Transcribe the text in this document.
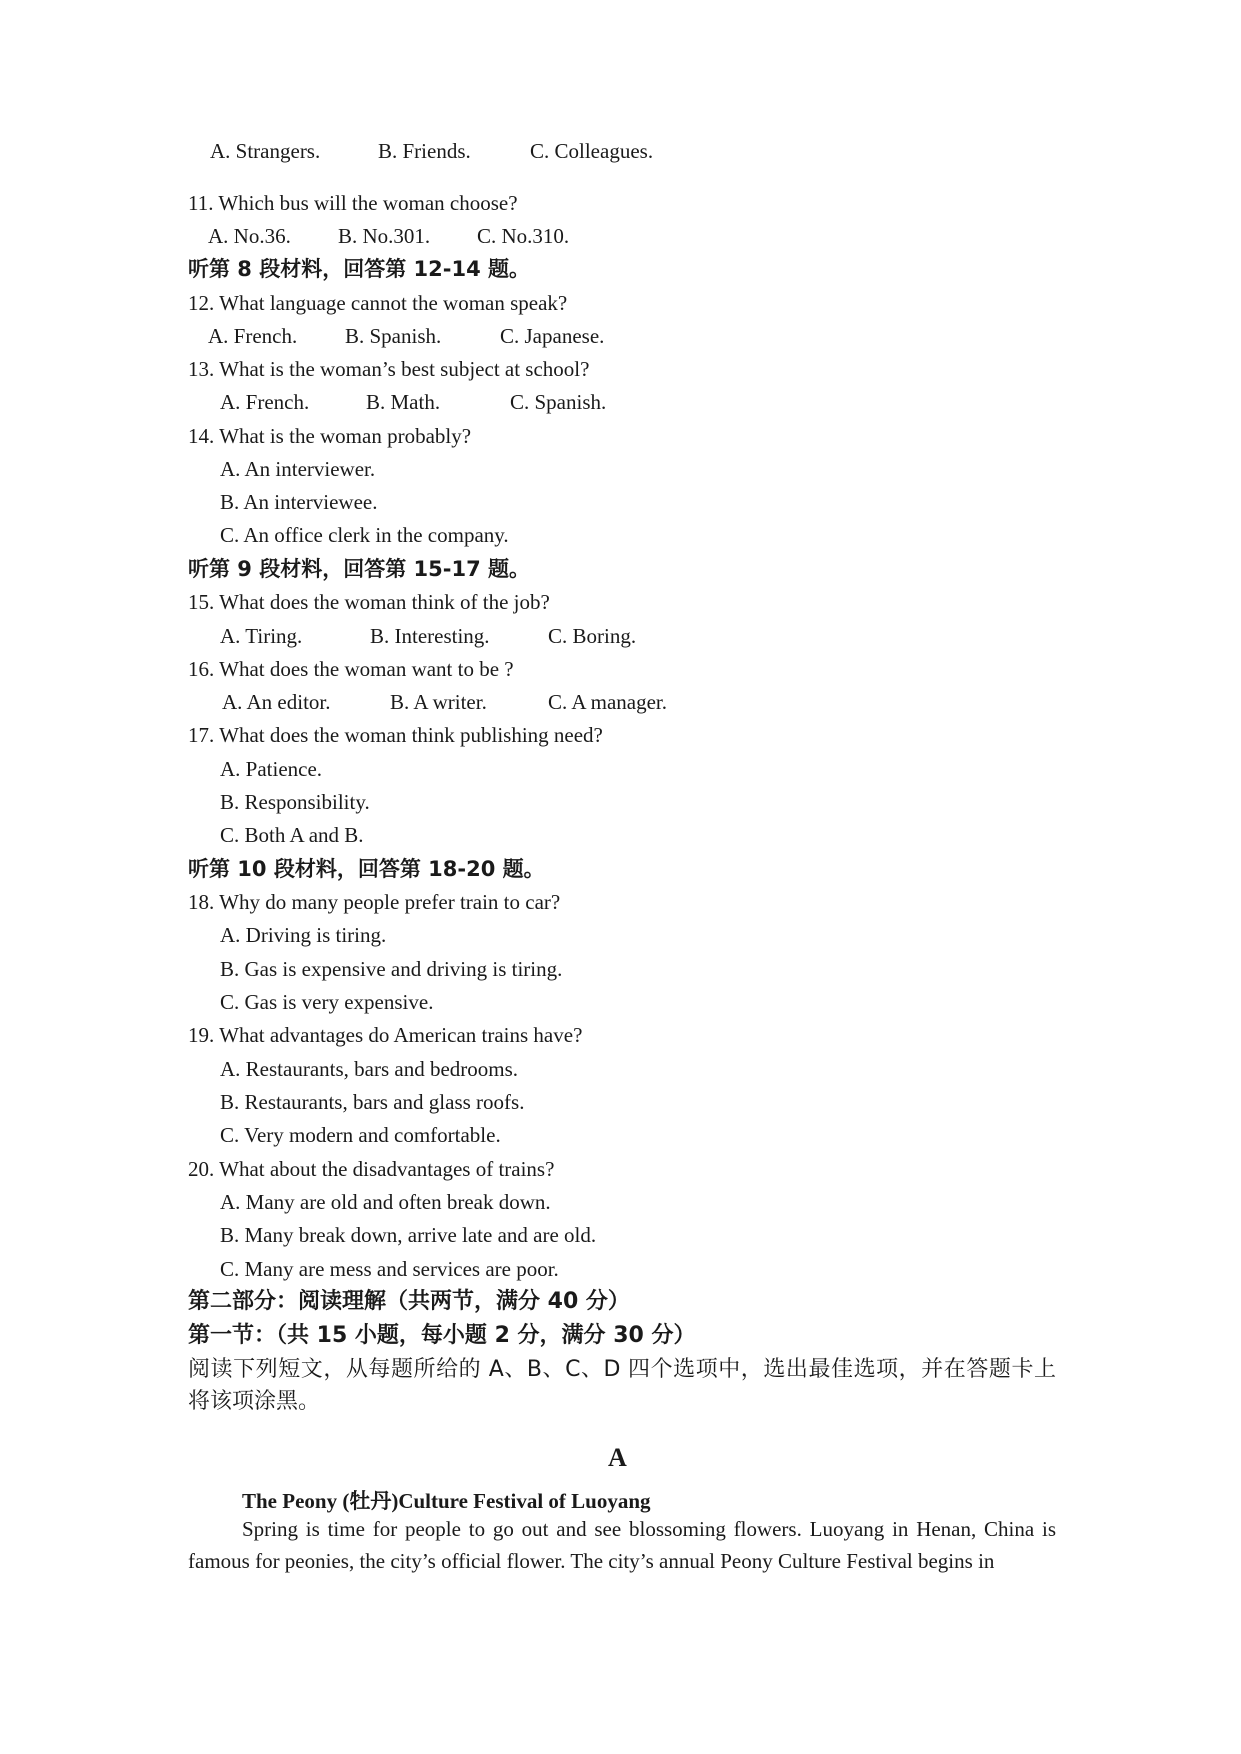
A. Strangers.	B. Friends.	C. Colleagues.
11. Which bus will the woman choose?
A. No.36. B. No.301. C. No.310.
听第 8 段材料，回答第 12-14 题。
12. What language cannot the woman speak?
A. French. B. Spanish.	C. Japanese.
13. What is the woman’s best subject at school?
A. French.	B. Math.	C. Spanish.
14. What is the woman probably?
A. An interviewer.
B. An interviewee.
C. An office clerk in the company.
听第 9 段材料，回答第 15-17 题。
15. What does the woman think of the job?
A. Tiring.	B. Interesting.	C. Boring.
16. What does the woman want to be ?
A. An editor.	B. A writer.	C. A manager.
17. What does the woman think publishing need?
A. Patience.
B. Responsibility.
C. Both A and B.
听第 10 段材料，回答第 18-20 题。
18. Why do many people prefer train to car?
A. Driving is tiring.
B. Gas is expensive and driving is tiring.
C. Gas is very expensive.
19. What advantages do American trains have?
A. Restaurants, bars and bedrooms.
B. Restaurants, bars and glass roofs.
C. Very modern and comfortable.
20. What about the disadvantages of trains?
A. Many are old and often break down.
B. Many break down, arrive late and are old.
C. Many are mess and services are poor.
第二部分：阅读理解（共两节，满分 40 分）
第一节：（共 15 小题，每小题 2 分，满分 30 分）
阅读下列短文，从每题所给的 A、B、C、D 四个选项中，选出最佳选项，并在答题卡上将该项涂黑。
A
The Peony (牡丹)Culture Festival of Luoyang
Spring is time for people to go out and see blossoming flowers. Luoyang in Henan, China is famous for peonies, the city’s official flower. The city’s annual Peony Culture Festival begins in
